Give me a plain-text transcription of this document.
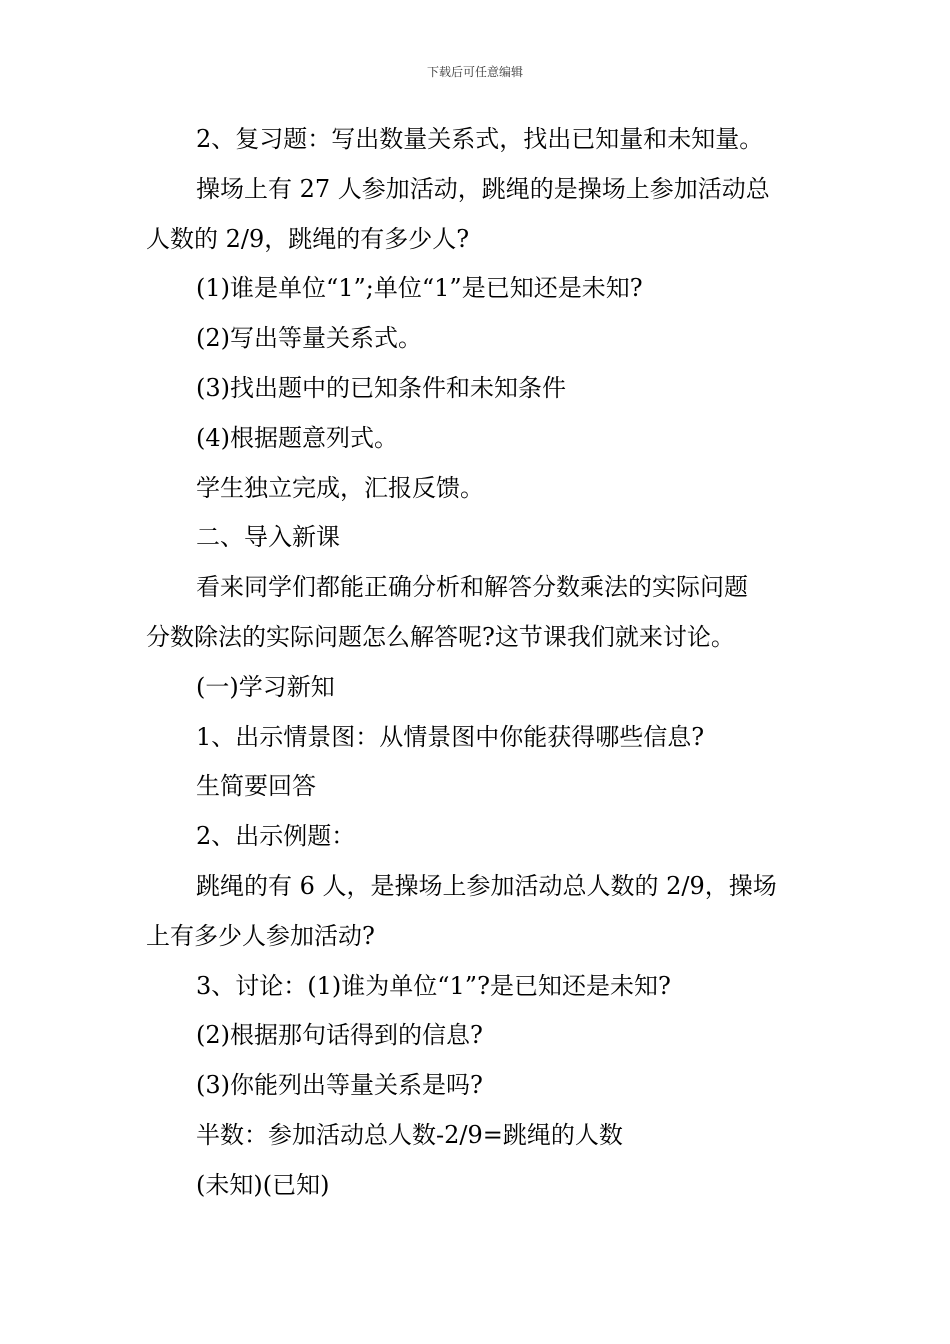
下载后可任意编辑
2、复习题：写出数量关系式，找出已知量和未知量。
操场上有 27 人参加活动，跳绳的是操场上参加活动总
人数的 2/9，跳绳的有多少人?
(1)谁是单位“1”;单位“1”是已知还是未知?
(2)写出等量关系式。
(3)找出题中的已知条件和未知条件
(4)根据题意列式。
学生独立完成，汇报反馈。
二、导入新课
看来同学们都能正确分析和解答分数乘法的实际问题
分数除法的实际问题怎么解答呢?这节课我们就来讨论。
(一)学习新知
1、出示情景图：从情景图中你能获得哪些信息?
生简要回答
2、出示例题：
跳绳的有 6 人，是操场上参加活动总人数的 2/9，操场
上有多少人参加活动?
3、讨论：(1)谁为单位“1”?是已知还是未知?
(2)根据那句话得到的信息?
(3)你能列出等量关系是吗?
半数：参加活动总人数-2/9=跳绳的人数
(未知)(已知)
